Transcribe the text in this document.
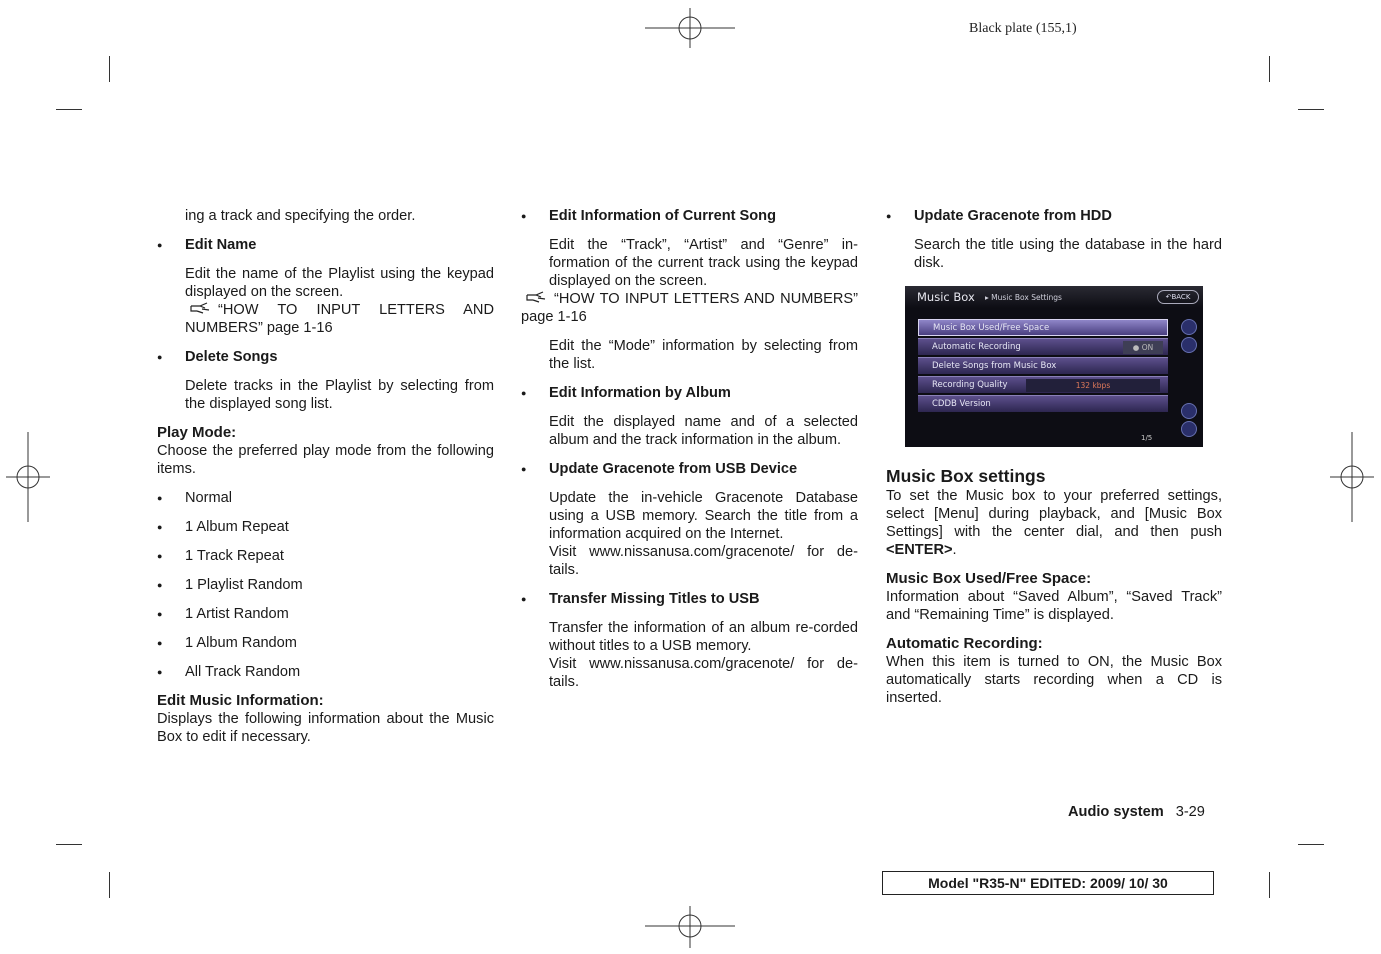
Black plate (155,1)

ing a track and specifying the order.

● Edit Name

Edit the name of the Playlist using the keypad displayed on the screen.

“HOW TO INPUT LETTERS AND NUMBERS” page 1-16

● Delete Songs

Delete tracks in the Playlist by selecting from the displayed song list.

Play Mode:

Choose the preferred play mode from the following items.

● Normal
● 1 Album Repeat
● 1 Track Repeat
● 1 Playlist Random
● 1 Artist Random
● 1 Album Random
● All Track Random
Edit Music Information:

Displays the following information about the Music Box to edit if necessary.

● Edit Information of Current Song

Edit the “Track”, “Artist” and “Genre” in-formation of the current track using the keypad displayed on the screen.

“HOW TO INPUT LETTERS AND NUMBERS” page 1-16

Edit the “Mode” information by selecting from the list.

● Edit Information by Album

Edit the displayed name and of a selected album and the track information in the album.

● Update Gracenote from USB Device

Update the in-vehicle Gracenote Database using a USB memory. Search the title from a information acquired on the Internet.

Visit www.nissanusa.com/gracenote/ for de-tails.

● Transfer Missing Titles to USB

Transfer the information of an album re-corded without titles to a USB memory.

Visit www.nissanusa.com/gracenote/ for de-tails.

● Update Gracenote from HDD

Search the title using the database in the hard disk.

Music Box ▸ Music Box Settings	↶BACK
Music Box Used/Free Space
Automatic Recording	● ON
Delete Songs from Music Box
Recording Quality	132 kbps
CDDB Version
1/5
Music Box settings

To set the Music box to your preferred settings, select [Menu] during playback, and [Music Box Settings] with the center dial, and then push <ENTER>.

Music Box Used/Free Space:

Information about “Saved Album”, “Saved Track” and “Remaining Time” is displayed.

Automatic Recording:

When this item is turned to ON, the Music Box automatically starts recording when a CD is inserted.

Audio system 3-29
Model "R35-N" EDITED: 2009/ 10/ 30
